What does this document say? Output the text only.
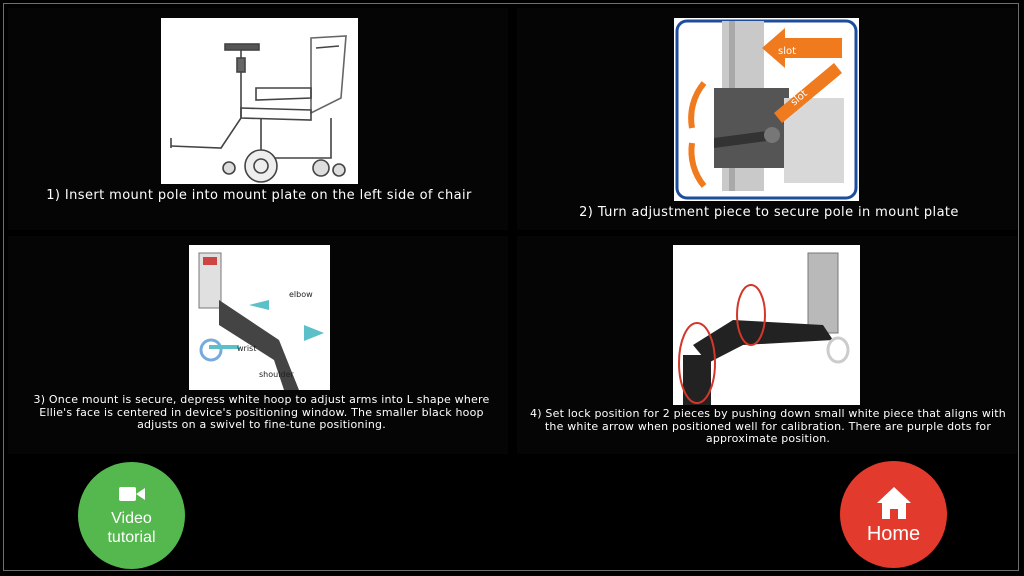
1) Insert mount pole into mount plate on the left side of chair
slot
slot
2) Turn adjustment piece to secure pole in mount plate
elbow
wrist
shoulder
3) Once mount is secure, depress white hoop to adjust arms into L shape where Ellie's face is centered in device's positioning window. The smaller black hoop adjusts on a swivel to fine-tune positioning.
4) Set lock position for 2 pieces by pushing down small white piece that aligns with the white arrow when positioned well for calibration. There are purple dots for approximate position.
Video
tutorial	Home
